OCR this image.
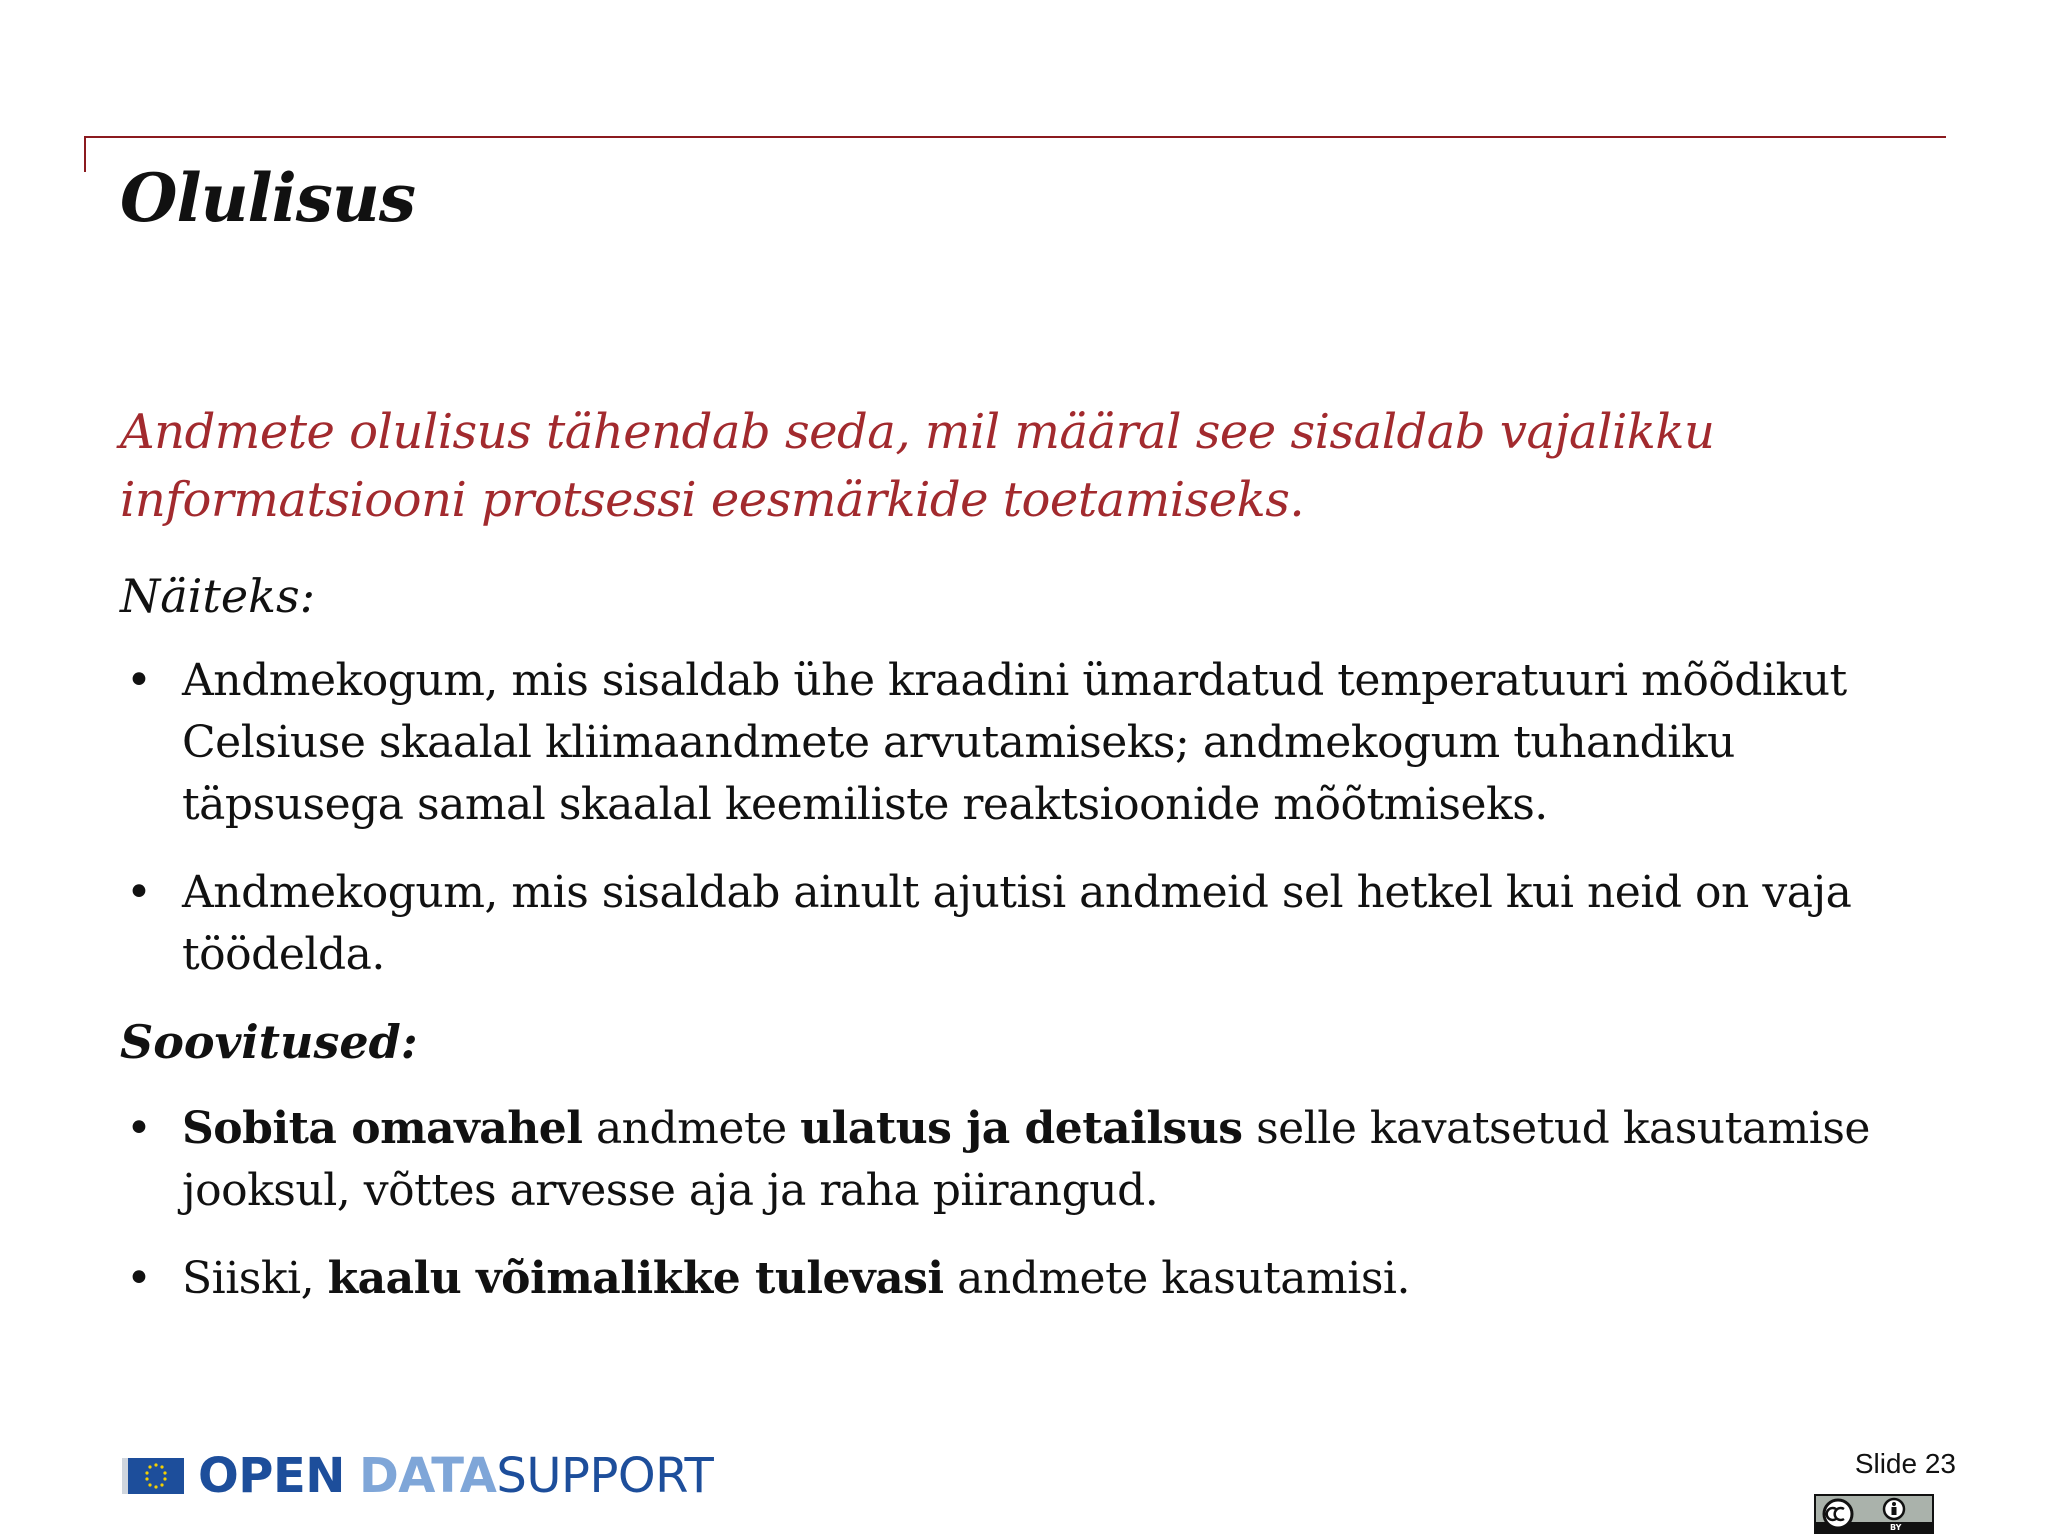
Olulisus

Andmete olulisus tähendab seda, mil määral see sisaldab vajalikku informatsiooni protsessi eesmärkide toetamiseks.

Näiteks:

• Andmekogum, mis sisaldab ühe kraadini ümardatud temperatuuri mõõdikut Celsiuse skaalal kliimaandmete arvutamiseks; andmekogum tuhandiku täpsusega samal skaalal keemiliste reaktsioonide mõõtmiseks.
• Andmekogum, mis sisaldab ainult ajutisi andmeid sel hetkel kui neid on vaja töödelda.

Soovitused:

• Sobita omavahel andmete ulatus ja detailsus selle kavatsetud kasutamise jooksul, võttes arvesse aja ja raha piirangud.
• Siiski, kaalu võimalikke tulevasi andmete kasutamisi.
OPEN DATA SUPPORT	Slide 23
BY
